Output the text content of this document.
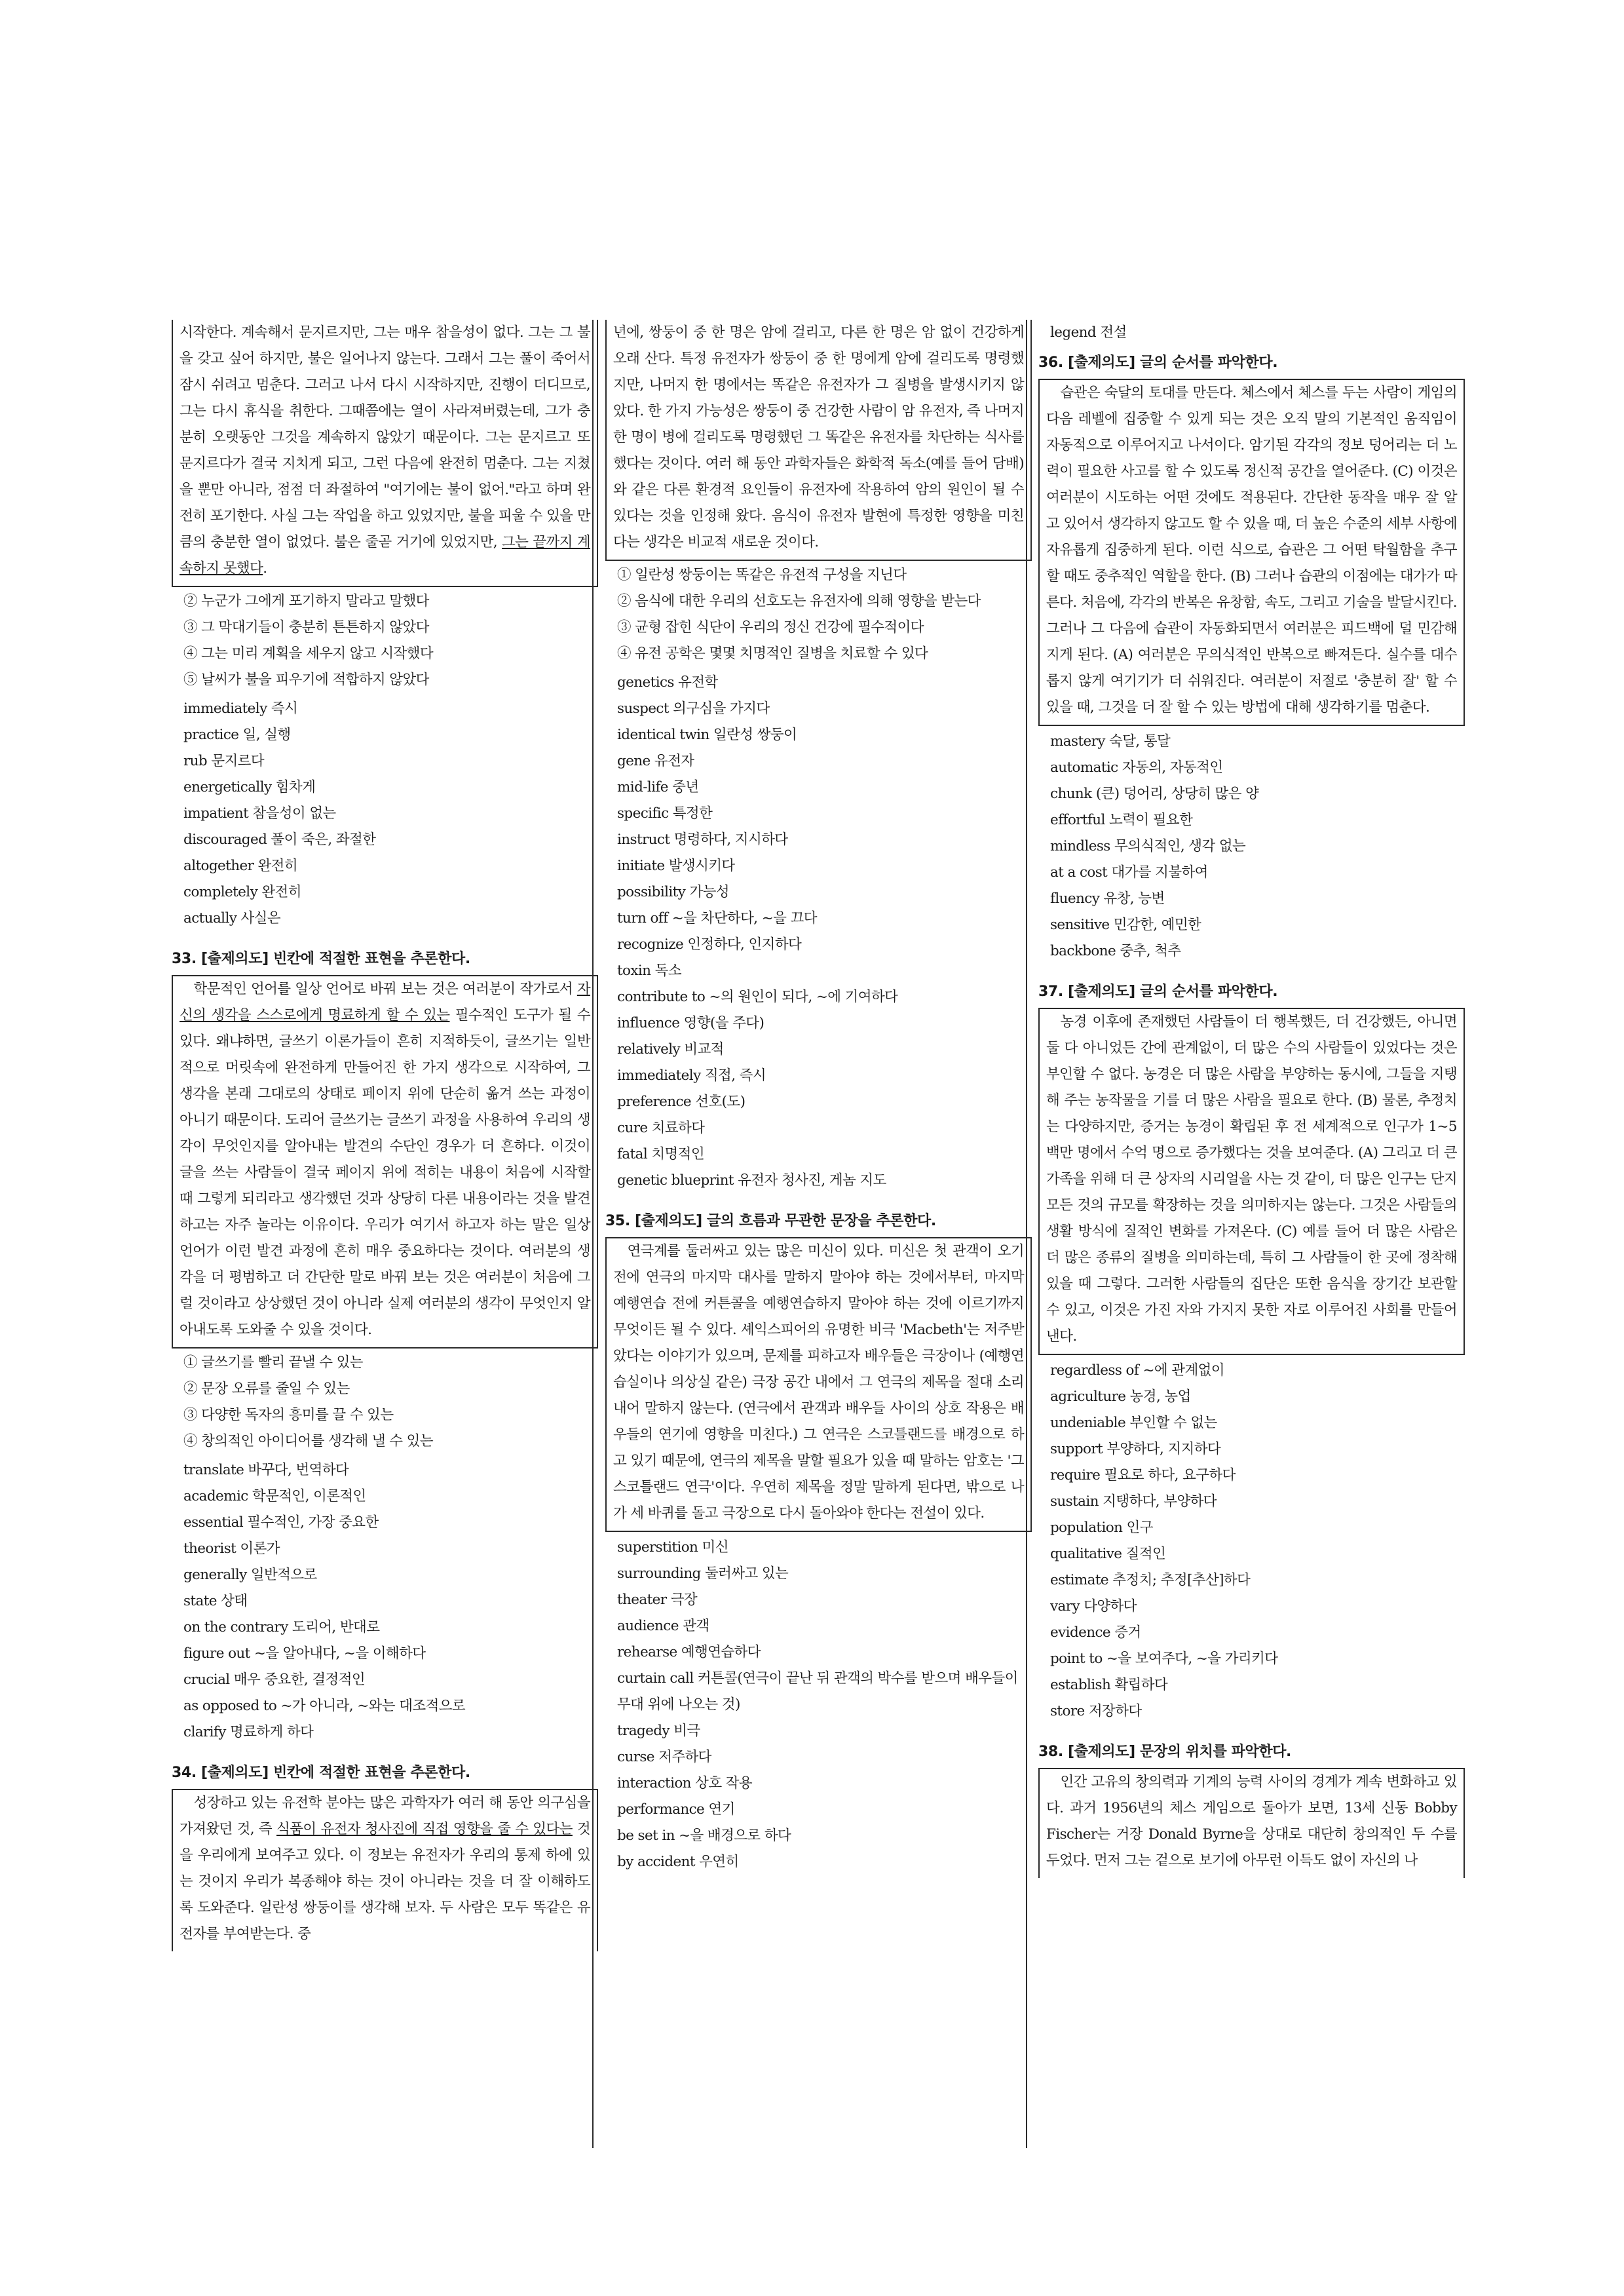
시작한다. 계속해서 문지르지만, 그는 매우 참을성이 없다. 그는 그 불을 갖고 싶어 하지만, 불은 일어나지 않는다. 그래서 그는 풀이 죽어서 잠시 쉬려고 멈춘다. 그러고 나서 다시 시작하지만, 진행이 더디므로, 그는 다시 휴식을 취한다. 그때쯤에는 열이 사라져버렸는데, 그가 충분히 오랫동안 그것을 계속하지 않았기 때문이다. 그는 문지르고 또 문지르다가 결국 지치게 되고, 그런 다음에 완전히 멈춘다. 그는 지쳤을 뿐만 아니라, 점점 더 좌절하여 "여기에는 불이 없어."라고 하며 완전히 포기한다. 사실 그는 작업을 하고 있었지만, 불을 피울 수 있을 만큼의 충분한 열이 없었다. 불은 줄곧 거기에 있었지만, 그는 끝까지 계속하지 못했다.

② 누군가 그에게 포기하지 말라고 말했다
③ 그 막대기들이 충분히 튼튼하지 않았다
④ 그는 미리 계획을 세우지 않고 시작했다
⑤ 날씨가 불을 피우기에 적합하지 않았다
immediately 즉시
practice 일, 실행
rub 문지르다
energetically 힘차게
impatient 참을성이 없는
discouraged 풀이 죽은, 좌절한
altogether 완전히
completely 완전히
actually 사실은
33. [출제의도] 빈칸에 적절한 표현을 추론한다.

학문적인 언어를 일상 언어로 바꿔 보는 것은 여러분이 작가로서 자신의 생각을 스스로에게 명료하게 할 수 있는 필수적인 도구가 될 수 있다. 왜냐하면, 글쓰기 이론가들이 흔히 지적하듯이, 글쓰기는 일반적으로 머릿속에 완전하게 만들어진 한 가지 생각으로 시작하여, 그 생각을 본래 그대로의 상태로 페이지 위에 단순히 옮겨 쓰는 과정이 아니기 때문이다. 도리어 글쓰기는 글쓰기 과정을 사용하여 우리의 생각이 무엇인지를 알아내는 발견의 수단인 경우가 더 흔하다. 이것이 글을 쓰는 사람들이 결국 페이지 위에 적히는 내용이 처음에 시작할 때 그렇게 되리라고 생각했던 것과 상당히 다른 내용이라는 것을 발견하고는 자주 놀라는 이유이다. 우리가 여기서 하고자 하는 말은 일상 언어가 이런 발견 과정에 흔히 매우 중요하다는 것이다. 여러분의 생각을 더 평범하고 더 간단한 말로 바꿔 보는 것은 여러분이 처음에 그럴 것이라고 상상했던 것이 아니라 실제 여러분의 생각이 무엇인지 알아내도록 도와줄 수 있을 것이다.

① 글쓰기를 빨리 끝낼 수 있는
② 문장 오류를 줄일 수 있는
③ 다양한 독자의 흥미를 끌 수 있는
④ 창의적인 아이디어를 생각해 낼 수 있는
translate 바꾸다, 번역하다
academic 학문적인, 이론적인
essential 필수적인, 가장 중요한
theorist 이론가
generally 일반적으로
state 상태
on the contrary 도리어, 반대로
figure out ~을 알아내다, ~을 이해하다
crucial 매우 중요한, 결정적인
as opposed to ~가 아니라, ~와는 대조적으로
clarify 명료하게 하다
34. [출제의도] 빈칸에 적절한 표현을 추론한다.

성장하고 있는 유전학 분야는 많은 과학자가 여러 해 동안 의구심을 가져왔던 것, 즉 식품이 유전자 청사진에 직접 영향을 줄 수 있다는 것을 우리에게 보여주고 있다. 이 정보는 유전자가 우리의 통제 하에 있는 것이지 우리가 복종해야 하는 것이 아니라는 것을 더 잘 이해하도록 도와준다. 일란성 쌍둥이를 생각해 보자. 두 사람은 모두 똑같은 유전자를 부여받는다. 중

년에, 쌍둥이 중 한 명은 암에 걸리고, 다른 한 명은 암 없이 건강하게 오래 산다. 특정 유전자가 쌍둥이 중 한 명에게 암에 걸리도록 명령했지만, 나머지 한 명에서는 똑같은 유전자가 그 질병을 발생시키지 않았다. 한 가지 가능성은 쌍둥이 중 건강한 사람이 암 유전자, 즉 나머지 한 명이 병에 걸리도록 명령했던 그 똑같은 유전자를 차단하는 식사를 했다는 것이다. 여러 해 동안 과학자들은 화학적 독소(예를 들어 담배)와 같은 다른 환경적 요인들이 유전자에 작용하여 암의 원인이 될 수 있다는 것을 인정해 왔다. 음식이 유전자 발현에 특정한 영향을 미친다는 생각은 비교적 새로운 것이다.

① 일란성 쌍둥이는 똑같은 유전적 구성을 지닌다
② 음식에 대한 우리의 선호도는 유전자에 의해 영향을 받는다
③ 균형 잡힌 식단이 우리의 정신 건강에 필수적이다
④ 유전 공학은 몇몇 치명적인 질병을 치료할 수 있다
genetics 유전학
suspect 의구심을 가지다
identical twin 일란성 쌍둥이
gene 유전자
mid-life 중년
specific 특정한
instruct 명령하다, 지시하다
initiate 발생시키다
possibility 가능성
turn off ~을 차단하다, ~을 끄다
recognize 인정하다, 인지하다
toxin 독소
contribute to ~의 원인이 되다, ~에 기여하다
influence 영향(을 주다)
relatively 비교적
immediately 직접, 즉시
preference 선호(도)
cure 치료하다
fatal 치명적인
genetic blueprint 유전자 청사진, 게놈 지도
35. [출제의도] 글의 흐름과 무관한 문장을 추론한다.

연극계를 둘러싸고 있는 많은 미신이 있다. 미신은 첫 관객이 오기 전에 연극의 마지막 대사를 말하지 말아야 하는 것에서부터, 마지막 예행연습 전에 커튼콜을 예행연습하지 말아야 하는 것에 이르기까지 무엇이든 될 수 있다. 셰익스피어의 유명한 비극 'Macbeth'는 저주받았다는 이야기가 있으며, 문제를 피하고자 배우들은 극장이나 (예행연습실이나 의상실 같은) 극장 공간 내에서 그 연극의 제목을 절대 소리 내어 말하지 않는다. (연극에서 관객과 배우들 사이의 상호 작용은 배우들의 연기에 영향을 미친다.) 그 연극은 스코틀랜드를 배경으로 하고 있기 때문에, 연극의 제목을 말할 필요가 있을 때 말하는 암호는 '그 스코틀랜드 연극'이다. 우연히 제목을 정말 말하게 된다면, 밖으로 나가 세 바퀴를 돌고 극장으로 다시 돌아와야 한다는 전설이 있다.

superstition 미신
surrounding 둘러싸고 있는
theater 극장
audience 관객
rehearse 예행연습하다
curtain call 커튼콜(연극이 끝난 뒤 관객의 박수를 받으며 배우들이 무대 위에 나오는 것)
tragedy 비극
curse 저주하다
interaction 상호 작용
performance 연기
be set in ~을 배경으로 하다
by accident 우연히
legend 전설
36. [출제의도] 글의 순서를 파악한다.

습관은 숙달의 토대를 만든다. 체스에서 체스를 두는 사람이 게임의 다음 레벨에 집중할 수 있게 되는 것은 오직 말의 기본적인 움직임이 자동적으로 이루어지고 나서이다. 암기된 각각의 정보 덩어리는 더 노력이 필요한 사고를 할 수 있도록 정신적 공간을 열어준다. (C) 이것은 여러분이 시도하는 어떤 것에도 적용된다. 간단한 동작을 매우 잘 알고 있어서 생각하지 않고도 할 수 있을 때, 더 높은 수준의 세부 사항에 자유롭게 집중하게 된다. 이런 식으로, 습관은 그 어떤 탁월함을 추구할 때도 중추적인 역할을 한다. (B) 그러나 습관의 이점에는 대가가 따른다. 처음에, 각각의 반복은 유창함, 속도, 그리고 기술을 발달시킨다. 그러나 그 다음에 습관이 자동화되면서 여러분은 피드백에 덜 민감해지게 된다. (A) 여러분은 무의식적인 반복으로 빠져든다. 실수를 대수롭지 않게 여기기가 더 쉬워진다. 여러분이 저절로 '충분히 잘' 할 수 있을 때, 그것을 더 잘 할 수 있는 방법에 대해 생각하기를 멈춘다.

mastery 숙달, 통달
automatic 자동의, 자동적인
chunk (큰) 덩어리, 상당히 많은 양
effortful 노력이 필요한
mindless 무의식적인, 생각 없는
at a cost 대가를 지불하여
fluency 유창, 능변
sensitive 민감한, 예민한
backbone 중추, 척추
37. [출제의도] 글의 순서를 파악한다.

농경 이후에 존재했던 사람들이 더 행복했든, 더 건강했든, 아니면 둘 다 아니었든 간에 관계없이, 더 많은 수의 사람들이 있었다는 것은 부인할 수 없다. 농경은 더 많은 사람을 부양하는 동시에, 그들을 지탱해 주는 농작물을 기를 더 많은 사람을 필요로 한다. (B) 물론, 추정치는 다양하지만, 증거는 농경이 확립된 후 전 세계적으로 인구가 1~5백만 명에서 수억 명으로 증가했다는 것을 보여준다. (A) 그리고 더 큰 가족을 위해 더 큰 상자의 시리얼을 사는 것 같이, 더 많은 인구는 단지 모든 것의 규모를 확장하는 것을 의미하지는 않는다. 그것은 사람들의 생활 방식에 질적인 변화를 가져온다. (C) 예를 들어 더 많은 사람은 더 많은 종류의 질병을 의미하는데, 특히 그 사람들이 한 곳에 정착해 있을 때 그렇다. 그러한 사람들의 집단은 또한 음식을 장기간 보관할 수 있고, 이것은 가진 자와 가지지 못한 자로 이루어진 사회를 만들어 낸다.

regardless of ~에 관계없이
agriculture 농경, 농업
undeniable 부인할 수 없는
support 부양하다, 지지하다
require 필요로 하다, 요구하다
sustain 지탱하다, 부양하다
population 인구
qualitative 질적인
estimate 추정치; 추정[추산]하다
vary 다양하다
evidence 증거
point to ~을 보여주다, ~을 가리키다
establish 확립하다
store 저장하다
38. [출제의도] 문장의 위치를 파악한다.

인간 고유의 창의력과 기계의 능력 사이의 경계가 계속 변화하고 있다. 과거 1956년의 체스 게임으로 돌아가 보면, 13세 신동 Bobby Fischer는 거장 Donald Byrne을 상대로 대단히 창의적인 두 수를 두었다. 먼저 그는 겉으로 보기에 아무런 이득도 없이 자신의 나
